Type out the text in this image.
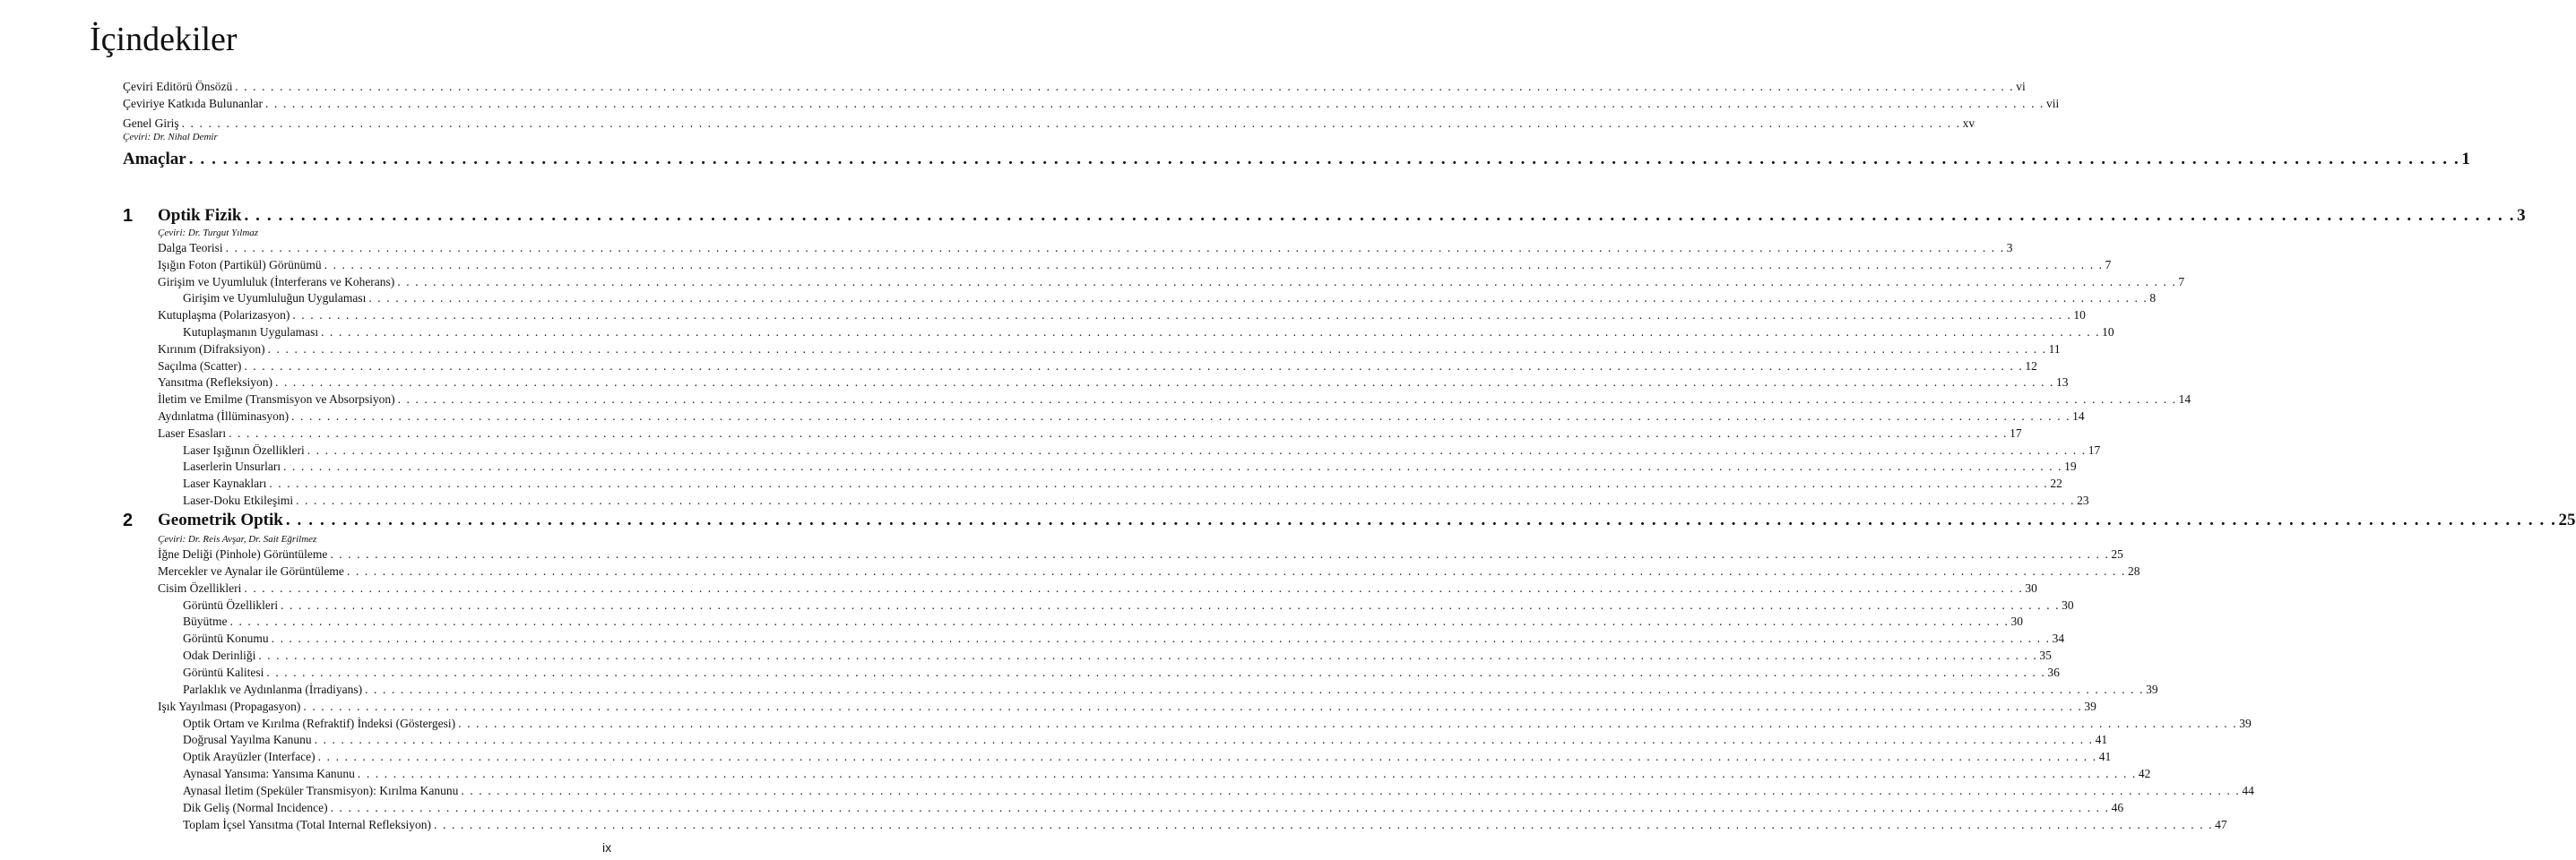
İçindekiler
Çeviri Editörü Önsözü . . . . . . . . . . . . . . . . . . . . . . . . . . . . . . . . . . . . . . . . . . . . . . . . . . . . . . . . . . . . . . . . . . . . . . . . . . . . . . . . . . . . . . . . . . . . . . . . . . . . . . . . . . . . . . . . . . . . . . . . . . . . . . . . . . . . . . . . . . . . . . . . . . . . . . . . . . . . . . . . . . . . . . . . . . . . . . . . . . . . . . . . . . . . . . . . . . . . . . . . vi
Çeviriye Katkıda Bulunanlar . . . . . . . . . . . . . . . . . . . . . . . . . . . . . . . . . . . . . . . . . . . . . . . . . . . . . . . . . . . . . . . . . . . . . . . . . . . . . . . . . . . . . . . . . . . . . . . . . . . . . . . . . . . . . . . . . . . . . . . . . . . . . . . . . . . . . . . . . . . . . . . . . . . . . . . . . . . . . . . . . . . . . . . . . . . . . . . . . . . . . . . . . . . . . . . . . . . . . . . . vii
Genel Giriş . . . . . . . . . . . . . . . . . . . . . . . . . . . . . . . . . . . . . . . . . . . . . . . . . . . . . . . . . . . . . . . . . . . . . . . . . . . . . . . . . . . . . . . . . . . . . . . . . . . . . . . . . . . . . . . . . . . . . . . . . . . . . . . . . . . . . . . . . . . . . . . . . . . . . . . . . . . . . . . . . . . . . . . . . . . . . . . . . . . . . . . . . . . . . . . . . . . . . . . . xv
Çeviri: Dr. Nihal Demir
Amaçlar . . . . . . . . . . . . . . . . . . . . . . . . . . . . . . . . . . . . . . . . . . . . . . . . . . . . . . . . . . . . . . . . . . . . . . . . . . . . . . . . . . . . . . . . . . . . . . . . . . . . . . . . . . . . . . . . . . . . . . . . . . . . . . . . . . . . . . . . . . . . . . . . . . . . . . . . . . . . . . . . . . . . . . . . . . . . . . . . . . . . . . . . . . . . . . . . . . . . . . . . 1
1 Optik Fizik . . . . . . . . . . . . . . . . . . . . . . . . . . . . . . . . . . . . . . . . . . . . . . . . . . . . . . . . . . . . . . . . . . . . . . . . . . . . . . . . . . . . . . . . . . . . . . . . . . . . . . . . . . . . . . . . . . . . . . . . . . . . . . . . . . . . . . . . . . . . . . . . . . . . . . . . . . . . . . . . . . . . . . . . . . . . . . . . . . . . . . . . . . . . . . . . . . . . . . . . 3
Çeviri: Dr. Turgut Yılmaz
Dalga Teorisi . . . . . . . . . . . . . . . . . . . . . . . . . . . . . . . . . . . . . . . . . . . . . . . . . . . . . . . . . . . . . . . . . . . . . . . . . . . . . . . . . . . . . . . . . . . . . . . . . . . . . . . . . . . . . . . . . . . . . . . . . . . . . . . . . . . . . . . . . . . . . . . . . . . . . . . . . . . . . . . . . . . . . . . . . . . . . . . . . . . . . . . . . . . . . . . . . . . . . . . . 3
Işığın Foton (Partikül) Görünümü . . . . . . . . . . . . . . . . . . . . . . . . . . . . . . . . . . . . . . . . . . . . . . . . . . . . . . . . . . . . . . . . . . . . . . . . . . . . . . . . . . . . . . . . . . . . . . . . . . . . . . . . . . . . . . . . . . . . . . . . . . . . . . . . . . . . . . . . . . . . . . . . . . . . . . . . . . . . . . . . . . . . . . . . . . . . . . . . . . . . . . . . . . . . . . . . . . . . . . . . 7
Girişim ve Uyumluluk (İnterferans ve Koherans) . . . . . . . . . . . . . . . . . . . . . . . . . . . . . . . . . . . . . . . . . . . . . . . . . . . . . . . . . . . . . . . . . . . . . . . . . . . . . . . . . . . . . . . . . . . . . . . . . . . . . . . . . . . . . . . . . . . . . . . . . . . . . . . . . . . . . . . . . . . . . . . . . . . . . . . . . . . . . . . . . . . . . . . . . . . . . . . . . . . . . . . . . . . . . . . . . . . . . . . . 7
Girişim ve Uyumluluğun Uygulaması . . . . . . . . . . . . . . . . . . . . . . . . . . . . . . . . . . . . . . . . . . . . . . . . . . . . . . . . . . . . . . . . . . . . . . . . . . . . . . . . . . . . . . . . . . . . . . . . . . . . . . . . . . . . . . . . . . . . . . . . . . . . . . . . . . . . . . . . . . . . . . . . . . . . . . . . . . . . . . . . . . . . . . . . . . . . . . . . . . . . . . . . . . . . . . . . . . . . . . . . 8
Kutuplaşma (Polarizasyon) . . . . . . . . . . . . . . . . . . . . . . . . . . . . . . . . . . . . . . . . . . . . . . . . . . . . . . . . . . . . . . . . . . . . . . . . . . . . . . . . . . . . . . . . . . . . . . . . . . . . . . . . . . . . . . . . . . . . . . . . . . . . . . . . . . . . . . . . . . . . . . . . . . . . . . . . . . . . . . . . . . . . . . . . . . . . . . . . . . . . . . . . . . . . . . . . . . . . . . . . 10
Kutuplaşmanın Uygulaması . . . . . . . . . . . . . . . . . . . . . . . . . . . . . . . . . . . . . . . . . . . . . . . . . . . . . . . . . . . . . . . . . . . . . . . . . . . . . . . . . . . . . . . . . . . . . . . . . . . . . . . . . . . . . . . . . . . . . . . . . . . . . . . . . . . . . . . . . . . . . . . . . . . . . . . . . . . . . . . . . . . . . . . . . . . . . . . . . . . . . . . . . . . . . . . . . . . . . . . . 10
Kırınım (Difraksiyon) . . . . . . . . . . . . . . . . . . . . . . . . . . . . . . . . . . . . . . . . . . . . . . . . . . . . . . . . . . . . . . . . . . . . . . . . . . . . . . . . . . . . . . . . . . . . . . . . . . . . . . . . . . . . . . . . . . . . . . . . . . . . . . . . . . . . . . . . . . . . . . . . . . . . . . . . . . . . . . . . . . . . . . . . . . . . . . . . . . . . . . . . . . . . . . . . . . . . . . . . 11
Saçılma (Scatter) . . . . . . . . . . . . . . . . . . . . . . . . . . . . . . . . . . . . . . . . . . . . . . . . . . . . . . . . . . . . . . . . . . . . . . . . . . . . . . . . . . . . . . . . . . . . . . . . . . . . . . . . . . . . . . . . . . . . . . . . . . . . . . . . . . . . . . . . . . . . . . . . . . . . . . . . . . . . . . . . . . . . . . . . . . . . . . . . . . . . . . . . . . . . . . . . . . . . . . . . 12
Yansıtma (Refleksiyon) . . . . . . . . . . . . . . . . . . . . . . . . . . . . . . . . . . . . . . . . . . . . . . . . . . . . . . . . . . . . . . . . . . . . . . . . . . . . . . . . . . . . . . . . . . . . . . . . . . . . . . . . . . . . . . . . . . . . . . . . . . . . . . . . . . . . . . . . . . . . . . . . . . . . . . . . . . . . . . . . . . . . . . . . . . . . . . . . . . . . . . . . . . . . . . . . . . . . . . . . 13
İletim ve Emilme (Transmisyon ve Absorpsiyon) . . . . . . . . . . . . . . . . . . . . . . . . . . . . . . . . . . . . . . . . . . . . . . . . . . . . . . . . . . . . . . . . . . . . . . . . . . . . . . . . . . . . . . . . . . . . . . . . . . . . . . . . . . . . . . . . . . . . . . . . . . . . . . . . . . . . . . . . . . . . . . . . . . . . . . . . . . . . . . . . . . . . . . . . . . . . . . . . . . . . . . . . . . . . . . . . . . . . . . . . 14
Aydınlatma (İllüminasyon) . . . . . . . . . . . . . . . . . . . . . . . . . . . . . . . . . . . . . . . . . . . . . . . . . . . . . . . . . . . . . . . . . . . . . . . . . . . . . . . . . . . . . . . . . . . . . . . . . . . . . . . . . . . . . . . . . . . . . . . . . . . . . . . . . . . . . . . . . . . . . . . . . . . . . . . . . . . . . . . . . . . . . . . . . . . . . . . . . . . . . . . . . . . . . . . . . . . . . . . . 14
Laser Esasları . . . . . . . . . . . . . . . . . . . . . . . . . . . . . . . . . . . . . . . . . . . . . . . . . . . . . . . . . . . . . . . . . . . . . . . . . . . . . . . . . . . . . . . . . . . . . . . . . . . . . . . . . . . . . . . . . . . . . . . . . . . . . . . . . . . . . . . . . . . . . . . . . . . . . . . . . . . . . . . . . . . . . . . . . . . . . . . . . . . . . . . . . . . . . . . . . . . . . . . . 17
Laser Işığının Özellikleri . . . . . . . . . . . . . . . . . . . . . . . . . . . . . . . . . . . . . . . . . . . . . . . . . . . . . . . . . . . . . . . . . . . . . . . . . . . . . . . . . . . . . . . . . . . . . . . . . . . . . . . . . . . . . . . . . . . . . . . . . . . . . . . . . . . . . . . . . . . . . . . . . . . . . . . . . . . . . . . . . . . . . . . . . . . . . . . . . . . . . . . . . . . . . . . . . . . . . . . . 17
Laserlerin Unsurları . . . . . . . . . . . . . . . . . . . . . . . . . . . . . . . . . . . . . . . . . . . . . . . . . . . . . . . . . . . . . . . . . . . . . . . . . . . . . . . . . . . . . . . . . . . . . . . . . . . . . . . . . . . . . . . . . . . . . . . . . . . . . . . . . . . . . . . . . . . . . . . . . . . . . . . . . . . . . . . . . . . . . . . . . . . . . . . . . . . . . . . . . . . . . . . . . . . . . . . . 19
Laser Kaynakları . . . . . . . . . . . . . . . . . . . . . . . . . . . . . . . . . . . . . . . . . . . . . . . . . . . . . . . . . . . . . . . . . . . . . . . . . . . . . . . . . . . . . . . . . . . . . . . . . . . . . . . . . . . . . . . . . . . . . . . . . . . . . . . . . . . . . . . . . . . . . . . . . . . . . . . . . . . . . . . . . . . . . . . . . . . . . . . . . . . . . . . . . . . . . . . . . . . . . . . . 22
Laser-Doku Etkileşimi . . . . . . . . . . . . . . . . . . . . . . . . . . . . . . . . . . . . . . . . . . . . . . . . . . . . . . . . . . . . . . . . . . . . . . . . . . . . . . . . . . . . . . . . . . . . . . . . . . . . . . . . . . . . . . . . . . . . . . . . . . . . . . . . . . . . . . . . . . . . . . . . . . . . . . . . . . . . . . . . . . . . . . . . . . . . . . . . . . . . . . . . . . . . . . . . . . . . . . . . 23
2 Geometrik Optik . . . . . . . . . . . . . . . . . . . . . . . . . . . . . . . . . . . . . . . . . . . . . . . . . . . . . . . . . . . . . . . . . . . . . . . . . . . . . . . . . . . . . . . . . . . . . . . . . . . . . . . . . . . . . . . . . . . . . . . . . . . . . . . . . . . . . . . . . . . . . . . . . . . . . . . . . . . . . . . . . . . . . . . . . . . . . . . . . . . . . . . . . . . . . . . . . . . . . . . . 25
Çeviri: Dr. Reis Avşar, Dr. Sait Eğrilmez
İğne Deliği (Pinhole) Görüntüleme . . . . . . . . . . . . . . . . . . . . . . . . . . . . . . . . . . . . . . . . . . . . . . . . . . . . . . . . . . . . . . . . . . . . . . . . . . . . . . . . . . . . . . . . . . . . . . . . . . . . . . . . . . . . . . . . . . . . . . . . . . . . . . . . . . . . . . . . . . . . . . . . . . . . . . . . . . . . . . . . . . . . . . . . . . . . . . . . . . . . . . . . . . . . . . . . . . . . . . . . 25
Mercekler ve Aynalar ile Görüntüleme . . . . . . . . . . . . . . . . . . . . . . . . . . . . . . . . . . . . . . . . . . . . . . . . . . . . . . . . . . . . . . . . . . . . . . . . . . . . . . . . . . . . . . . . . . . . . . . . . . . . . . . . . . . . . . . . . . . . . . . . . . . . . . . . . . . . . . . . . . . . . . . . . . . . . . . . . . . . . . . . . . . . . . . . . . . . . . . . . . . . . . . . . . . . . . . . . . . . . . . . 28
Cisim Özellikleri . . . . . . . . . . . . . . . . . . . . . . . . . . . . . . . . . . . . . . . . . . . . . . . . . . . . . . . . . . . . . . . . . . . . . . . . . . . . . . . . . . . . . . . . . . . . . . . . . . . . . . . . . . . . . . . . . . . . . . . . . . . . . . . . . . . . . . . . . . . . . . . . . . . . . . . . . . . . . . . . . . . . . . . . . . . . . . . . . . . . . . . . . . . . . . . . . . . . . . . . 30
Görüntü Özellikleri . . . . . . . . . . . . . . . . . . . . . . . . . . . . . . . . . . . . . . . . . . . . . . . . . . . . . . . . . . . . . . . . . . . . . . . . . . . . . . . . . . . . . . . . . . . . . . . . . . . . . . . . . . . . . . . . . . . . . . . . . . . . . . . . . . . . . . . . . . . . . . . . . . . . . . . . . . . . . . . . . . . . . . . . . . . . . . . . . . . . . . . . . . . . . . . . . . . . . . . . 30
Büyütme . . . . . . . . . . . . . . . . . . . . . . . . . . . . . . . . . . . . . . . . . . . . . . . . . . . . . . . . . . . . . . . . . . . . . . . . . . . . . . . . . . . . . . . . . . . . . . . . . . . . . . . . . . . . . . . . . . . . . . . . . . . . . . . . . . . . . . . . . . . . . . . . . . . . . . . . . . . . . . . . . . . . . . . . . . . . . . . . . . . . . . . . . . . . . . . . . . . . . . . . 30
Görüntü Konumu . . . . . . . . . . . . . . . . . . . . . . . . . . . . . . . . . . . . . . . . . . . . . . . . . . . . . . . . . . . . . . . . . . . . . . . . . . . . . . . . . . . . . . . . . . . . . . . . . . . . . . . . . . . . . . . . . . . . . . . . . . . . . . . . . . . . . . . . . . . . . . . . . . . . . . . . . . . . . . . . . . . . . . . . . . . . . . . . . . . . . . . . . . . . . . . . . . . . . . . . 34
Odak Derinliği . . . . . . . . . . . . . . . . . . . . . . . . . . . . . . . . . . . . . . . . . . . . . . . . . . . . . . . . . . . . . . . . . . . . . . . . . . . . . . . . . . . . . . . . . . . . . . . . . . . . . . . . . . . . . . . . . . . . . . . . . . . . . . . . . . . . . . . . . . . . . . . . . . . . . . . . . . . . . . . . . . . . . . . . . . . . . . . . . . . . . . . . . . . . . . . . . . . . . . . . 35
Görüntü Kalitesi . . . . . . . . . . . . . . . . . . . . . . . . . . . . . . . . . . . . . . . . . . . . . . . . . . . . . . . . . . . . . . . . . . . . . . . . . . . . . . . . . . . . . . . . . . . . . . . . . . . . . . . . . . . . . . . . . . . . . . . . . . . . . . . . . . . . . . . . . . . . . . . . . . . . . . . . . . . . . . . . . . . . . . . . . . . . . . . . . . . . . . . . . . . . . . . . . . . . . . . . 36
Parlaklık ve Aydınlanma (İrradiyans) . . . . . . . . . . . . . . . . . . . . . . . . . . . . . . . . . . . . . . . . . . . . . . . . . . . . . . . . . . . . . . . . . . . . . . . . . . . . . . . . . . . . . . . . . . . . . . . . . . . . . . . . . . . . . . . . . . . . . . . . . . . . . . . . . . . . . . . . . . . . . . . . . . . . . . . . . . . . . . . . . . . . . . . . . . . . . . . . . . . . . . . . . . . . . . . . . . . . . . . . 39
Işık Yayılması (Propagasyon) . . . . . . . . . . . . . . . . . . . . . . . . . . . . . . . . . . . . . . . . . . . . . . . . . . . . . . . . . . . . . . . . . . . . . . . . . . . . . . . . . . . . . . . . . . . . . . . . . . . . . . . . . . . . . . . . . . . . . . . . . . . . . . . . . . . . . . . . . . . . . . . . . . . . . . . . . . . . . . . . . . . . . . . . . . . . . . . . . . . . . . . . . . . . . . . . . . . . . . . . 39
Optik Ortam ve Kırılma (Refraktif) İndeksi (Göstergesi) . . . . . . . . . . . . . . . . . . . . . . . . . . . . . . . . . . . . . . . . . . . . . . . . . . . . . . . . . . . . . . . . . . . . . . . . . . . . . . . . . . . . . . . . . . . . . . . . . . . . . . . . . . . . . . . . . . . . . . . . . . . . . . . . . . . . . . . . . . . . . . . . . . . . . . . . . . . . . . . . . . . . . . . . . . . . . . . . . . . . . . . . . . . . . . . . . . . . . . . . 39
Doğrusal Yayılma Kanunu . . . . . . . . . . . . . . . . . . . . . . . . . . . . . . . . . . . . . . . . . . . . . . . . . . . . . . . . . . . . . . . . . . . . . . . . . . . . . . . . . . . . . . . . . . . . . . . . . . . . . . . . . . . . . . . . . . . . . . . . . . . . . . . . . . . . . . . . . . . . . . . . . . . . . . . . . . . . . . . . . . . . . . . . . . . . . . . . . . . . . . . . . . . . . . . . . . . . . . . . 41
Optik Arayüzler (Interface) . . . . . . . . . . . . . . . . . . . . . . . . . . . . . . . . . . . . . . . . . . . . . . . . . . . . . . . . . . . . . . . . . . . . . . . . . . . . . . . . . . . . . . . . . . . . . . . . . . . . . . . . . . . . . . . . . . . . . . . . . . . . . . . . . . . . . . . . . . . . . . . . . . . . . . . . . . . . . . . . . . . . . . . . . . . . . . . . . . . . . . . . . . . . . . . . . . . . . . . . 41
Aynasal Yansıma: Yansıma Kanunu . . . . . . . . . . . . . . . . . . . . . . . . . . . . . . . . . . . . . . . . . . . . . . . . . . . . . . . . . . . . . . . . . . . . . . . . . . . . . . . . . . . . . . . . . . . . . . . . . . . . . . . . . . . . . . . . . . . . . . . . . . . . . . . . . . . . . . . . . . . . . . . . . . . . . . . . . . . . . . . . . . . . . . . . . . . . . . . . . . . . . . . . . . . . . . . . . . . . . . . . 42
Aynasal İletim (Speküler Transmisyon): Kırılma Kanunu . . . . . . . . . . . . . . . . . . . . . . . . . . . . . . . . . . . . . . . . . . . . . . . . . . . . . . . . . . . . . . . . . . . . . . . . . . . . . . . . . . . . . . . . . . . . . . . . . . . . . . . . . . . . . . . . . . . . . . . . . . . . . . . . . . . . . . . . . . . . . . . . . . . . . . . . . . . . . . . . . . . . . . . . . . . . . . . . . . . . . . . . . . . . . . . . . . . . . . . . 44
Dik Geliş (Normal Incidence) . . . . . . . . . . . . . . . . . . . . . . . . . . . . . . . . . . . . . . . . . . . . . . . . . . . . . . . . . . . . . . . . . . . . . . . . . . . . . . . . . . . . . . . . . . . . . . . . . . . . . . . . . . . . . . . . . . . . . . . . . . . . . . . . . . . . . . . . . . . . . . . . . . . . . . . . . . . . . . . . . . . . . . . . . . . . . . . . . . . . . . . . . . . . . . . . . . . . . . . . 46
Toplam İçsel Yansıtma (Total Internal Refleksiyon) . . . . . . . . . . . . . . . . . . . . . . . . . . . . . . . . . . . . . . . . . . . . . . . . . . . . . . . . . . . . . . . . . . . . . . . . . . . . . . . . . . . . . . . . . . . . . . . . . . . . . . . . . . . . . . . . . . . . . . . . . . . . . . . . . . . . . . . . . . . . . . . . . . . . . . . . . . . . . . . . . . . . . . . . . . . . . . . . . . . . . . . . . . . . . . . . . . . . . . . . 47
ix
